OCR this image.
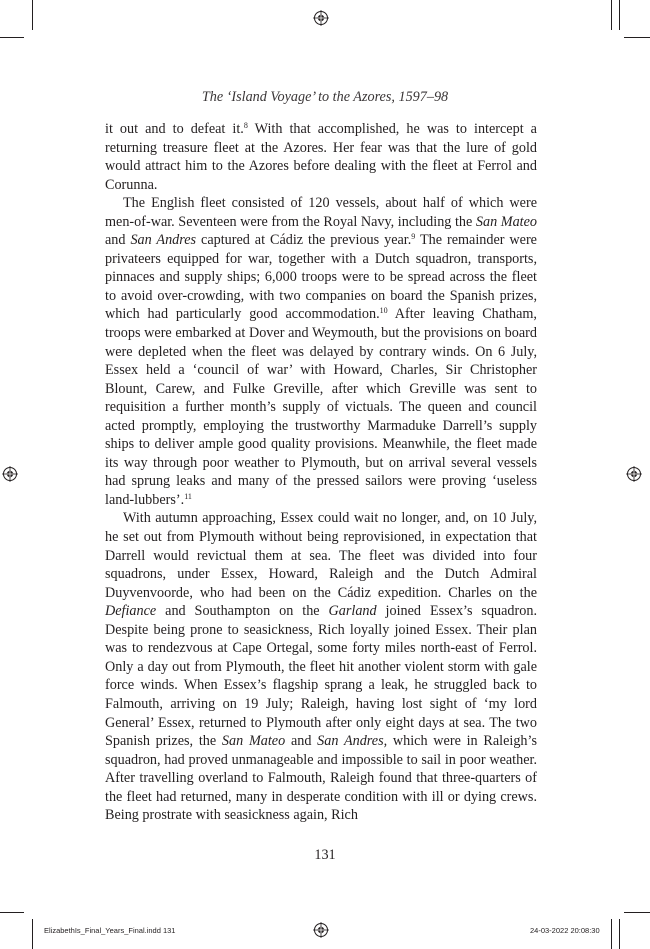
The ‘Island Voyage’ to the Azores, 1597–98

it out and to defeat it.$^8$ With that accomplished, he was to intercept a returning treasure fleet at the Azores. Her fear was that the lure of gold would attract him to the Azores before dealing with the fleet at Ferrol and Corunna.

The English fleet consisted of 120 vessels, about half of which were men-of-war. Seventeen were from the Royal Navy, including the San Mateo and San Andres captured at Cádiz the previous year.$^9$ The remainder were privateers equipped for war, together with a Dutch squadron, transports, pinnaces and supply ships; 6,000 troops were to be spread across the fleet to avoid over-crowding, with two companies on board the Spanish prizes, which had particularly good accommodation.$^{10}$ After leaving Chatham, troops were embarked at Dover and Weymouth, but the provisions on board were depleted when the fleet was delayed by contrary winds. On 6 July, Essex held a ‘council of war’ with Howard, Charles, Sir Christopher Blount, Carew, and Fulke Greville, after which Greville was sent to requisition a further month’s supply of victuals. The queen and council acted promptly, employing the trustworthy Marmaduke Darrell’s supply ships to deliver ample good quality provisions. Meanwhile, the fleet made its way through poor weather to Plymouth, but on arrival several vessels had sprung leaks and many of the pressed sailors were proving ‘useless land-lubbers’.$^{11}$

With autumn approaching, Essex could wait no longer, and, on 10 July, he set out from Plymouth without being reprovisioned, in expectation that Darrell would revictual them at sea. The fleet was divided into four squadrons, under Essex, Howard, Raleigh and the Dutch Admiral Duyvenvoorde, who had been on the Cádiz expedition. Charles on the Defiance and Southampton on the Garland joined Essex’s squadron. Despite being prone to seasickness, Rich loyally joined Essex. Their plan was to rendezvous at Cape Ortegal, some forty miles north-east of Ferrol. Only a day out from Plymouth, the fleet hit another violent storm with gale force winds. When Essex’s flagship sprang a leak, he struggled back to Falmouth, arriving on 19 July; Raleigh, having lost sight of ‘my lord General’ Essex, returned to Plymouth after only eight days at sea. The two Spanish prizes, the San Mateo and San Andres, which were in Raleigh’s squadron, had proved unmanageable and impossible to sail in poor weather. After travelling overland to Falmouth, Raleigh found that three-quarters of the fleet had returned, many in desperate condition with ill or dying crews. Being prostrate with seasickness again, Rich

131
ElizabethIs_Final_Years_Final.indd 131	24-03-2022 20:08:30
